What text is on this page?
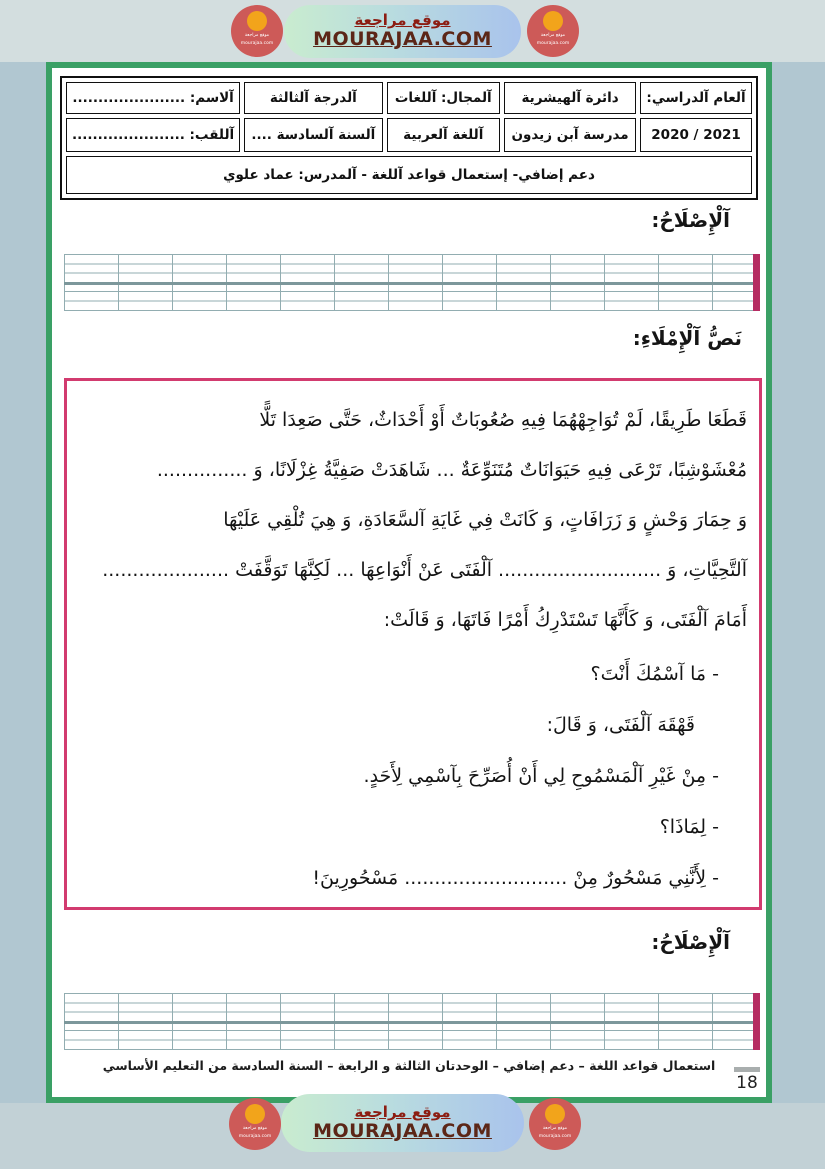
موقع مراجعة
mourajaa.com
موقع مراجعة
MOURAJAA.COM	موقع مراجعة
mourajaa.com
آلعام آلدراسي:	دائرة آلهيشرية	آلمجال: آللغات	آلدرجة آلثالثة	آلاسم: ......................
2021 / 2020	مدرسة آبن زيدون	آللغة آلعربية	آلسنة آلسادسة ....	آللقب: ......................
دعم إضافي- إستعمال قواعد آللغة - آلمدرس: عماد علوي				
آلْإِصْلَاحُ:
نَصُّ آلْإِمْلَاءِ:
قَطَعَا طَرِيقًا، لَمْ تُوَاجِهْهُمَا فِيهِ صُعُوبَاتٌ أَوْ أَحْدَاثٌ، حَتَّى صَعِدَا تَلًّا
مُعْشَوْشِبًا، تَرْعَى فِيهِ حَيَوَانَاتٌ مُتَنَوِّعَةٌ ... شَاهَدَتْ صَفِيَّةُ غِزْلَانًا، وَ ...............
وَ حِمَارَ وَحْشٍ وَ زَرَافَاتٍ، وَ كَانَتْ فِي غَايَةِ آلسَّعَادَةِ، وَ هِيَ تُلْقِي عَلَيْهَا
آلتَّحِيَّاتِ، وَ ........................... آلْفَتَى عَنْ أَنْوَاعِهَا ... لَكِنَّهَا تَوَقَّفَتْ .....................
أَمَامَ آلْفَتَى، وَ كَأَنَّهَا تَسْتَدْرِكُ أَمْرًا فَاتَهَا، وَ قَالَتْ:
- مَا آسْمُكَ أَنْتَ؟
قَهْقَهَ آلْفَتَى، وَ قَالَ:
- مِنْ غَيْرِ آلْمَسْمُوحِ لِي أَنْ أُصَرِّحَ بِآسْمِي لِأَحَدٍ.
- لِمَاذَا؟
- لِأَنَّنِي مَسْحُورٌ مِنْ ........................... مَسْحُورِينَ!
آلْإِصْلَاحُ:
استعمال قواعد اللغة – دعم إضافي – الوحدتان الثالثة و الرابعة – السنة السادسة من التعليم الأساسي
18
موقع مراجعة
mourajaa.com
موقع مراجعة
MOURAJAA.COM	موقع مراجعة
mourajaa.com
